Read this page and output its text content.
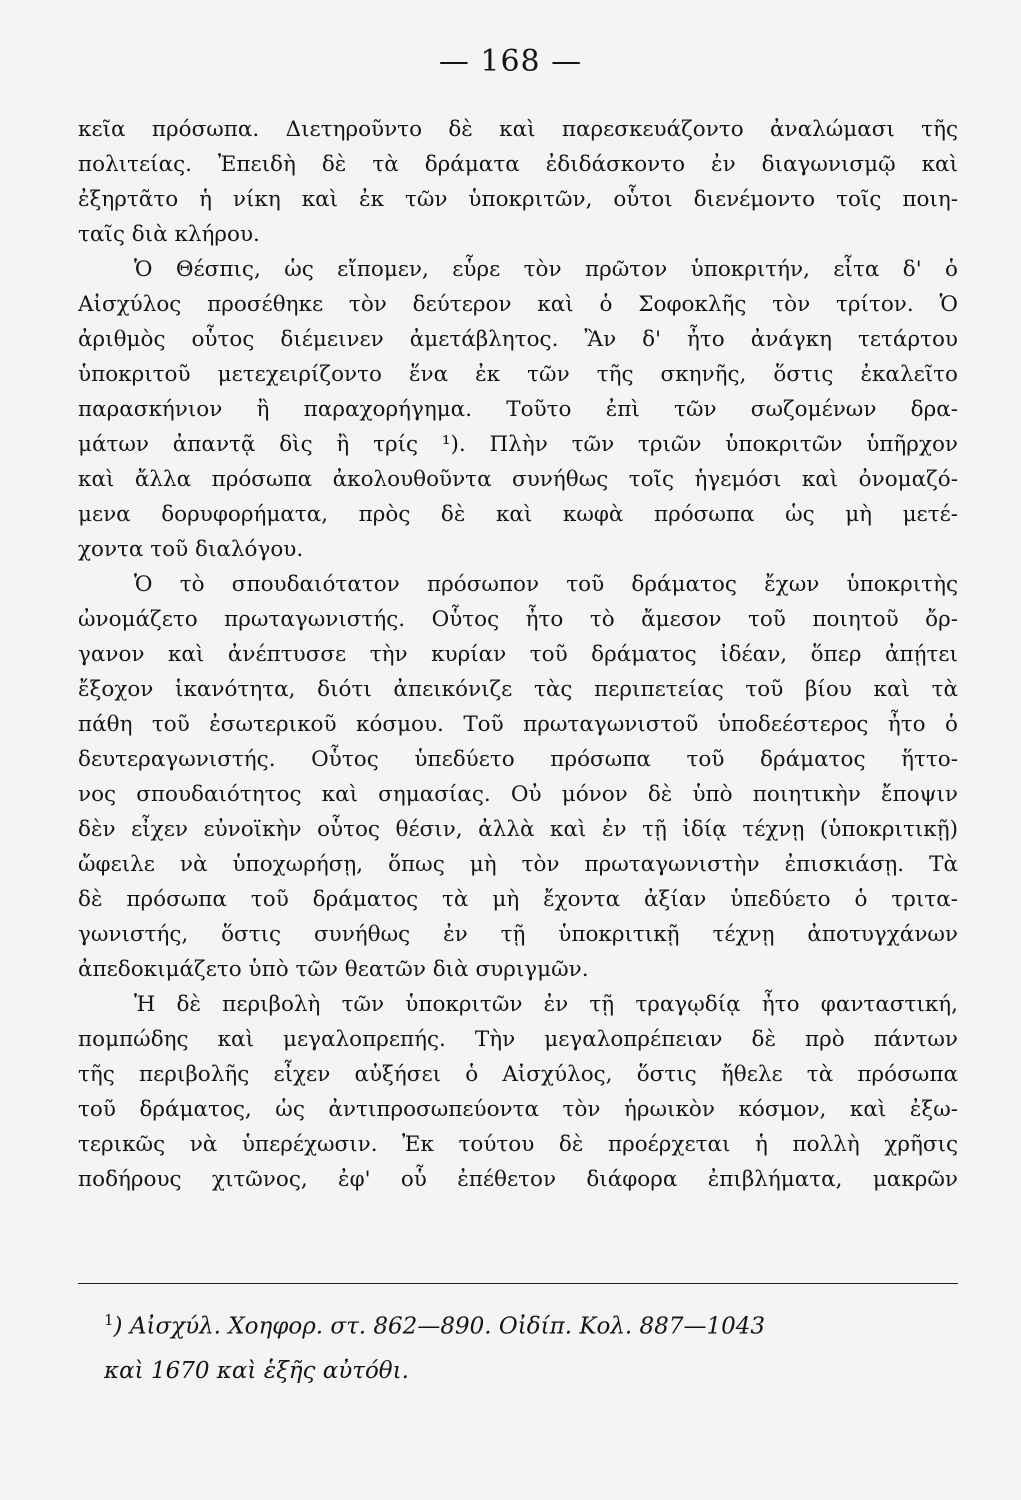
— 168 —
κεῖα πρόσωπα. Διετηροῦντο δὲ καὶ παρεσκευάζοντο ἀναλώμασι τῆς
πολιτείας. Ἐπειδὴ δὲ τὰ δράματα ἐδιδάσκοντο ἐν διαγωνισμῷ καὶ
ἐξηρτᾶτο ἡ νίκη καὶ ἐκ τῶν ὑποκριτῶν, οὗτοι διενέμοντο τοῖς ποιη-
ταῖς διὰ κλήρου.
Ὁ Θέσπις, ὡς εἴπομεν, εὗρε τὸν πρῶτον ὑποκριτήν, εἶτα δ' ὁ
Αἰσχύλος προσέθηκε τὸν δεύτερον καὶ ὁ Σοφοκλῆς τὸν τρίτον. Ὁ
ἀριθμὸς οὗτος διέμεινεν ἀμετάβλητος. Ἂν δ' ἦτο ἀνάγκη τετάρτου
ὑποκριτοῦ μετεχειρίζοντο ἕνα ἐκ τῶν τῆς σκηνῆς, ὅστις ἐκαλεῖτο
παρασκήνιον ἢ παραχορήγημα. Τοῦτο ἐπὶ τῶν σωζομένων δρα-
μάτων ἀπαντᾷ δὶς ἢ τρίς ¹). Πλὴν τῶν τριῶν ὑποκριτῶν ὑπῆρχον
καὶ ἄλλα πρόσωπα ἀκολουθοῦντα συνήθως τοῖς ἡγεμόσι καὶ ὀνομαζό-
μενα δορυφορήματα, πρὸς δὲ καὶ κωφὰ πρόσωπα ὡς μὴ μετέ-
χοντα τοῦ διαλόγου.
Ὁ τὸ σπουδαιότατον πρόσωπον τοῦ δράματος ἔχων ὑποκριτὴς
ὠνομάζετο πρωταγωνιστής. Οὗτος ἦτο τὸ ἄμεσον τοῦ ποιητοῦ ὄρ-
γανον καὶ ἀνέπτυσσε τὴν κυρίαν τοῦ δράματος ἰδέαν, ὅπερ ἀπῄτει
ἔξοχον ἱκανότητα, διότι ἀπεικόνιζε τὰς περιπετείας τοῦ βίου καὶ τὰ
πάθη τοῦ ἐσωτερικοῦ κόσμου. Τοῦ πρωταγωνιστοῦ ὑποδεέστερος ἦτο ὁ
δευτεραγωνιστής. Οὗτος ὑπεδύετο πρόσωπα τοῦ δράματος ἥττο-
νος σπουδαιότητος καὶ σημασίας. Οὐ μόνον δὲ ὑπὸ ποιητικὴν ἔποψιν
δὲν εἶχεν εὐνοϊκὴν οὗτος θέσιν, ἀλλὰ καὶ ἐν τῇ ἰδίᾳ τέχνῃ (ὑποκριτικῇ)
ὤφειλε νὰ ὑποχωρήσῃ, ὅπως μὴ τὸν πρωταγωνιστὴν ἐπισκιάσῃ. Τὰ
δὲ πρόσωπα τοῦ δράματος τὰ μὴ ἔχοντα ἀξίαν ὑπεδύετο ὁ τριτα-
γωνιστής, ὅστις συνήθως ἐν τῇ ὑποκριτικῇ τέχνῃ ἀποτυγχάνων
ἀπεδοκιμάζετο ὑπὸ τῶν θεατῶν διὰ συριγμῶν.
Ἡ δὲ περιβολὴ τῶν ὑποκριτῶν ἐν τῇ τραγῳδίᾳ ἦτο φανταστική,
πομπώδης καὶ μεγαλοπρεπής. Τὴν μεγαλοπρέπειαν δὲ πρὸ πάντων
τῆς περιβολῆς εἶχεν αὐξήσει ὁ Αἰσχύλος, ὅστις ἤθελε τὰ πρόσωπα
τοῦ δράματος, ὡς ἀντιπροσωπεύοντα τὸν ἡρωικὸν κόσμον, καὶ ἐξω-
τερικῶς νὰ ὑπερέχωσιν. Ἐκ τούτου δὲ προέρχεται ἡ πολλὴ χρῆσις
ποδήρους χιτῶνος, ἐφ' οὗ ἐπέθετον διάφορα ἐπιβλήματα, μακρῶν
$^1$) Αἰσχύλ. Χοηφορ. στ. 862—890. Οἰδίπ. Κολ. 887—1043
καὶ 1670 καὶ ἑξῆς αὐτόθι.
